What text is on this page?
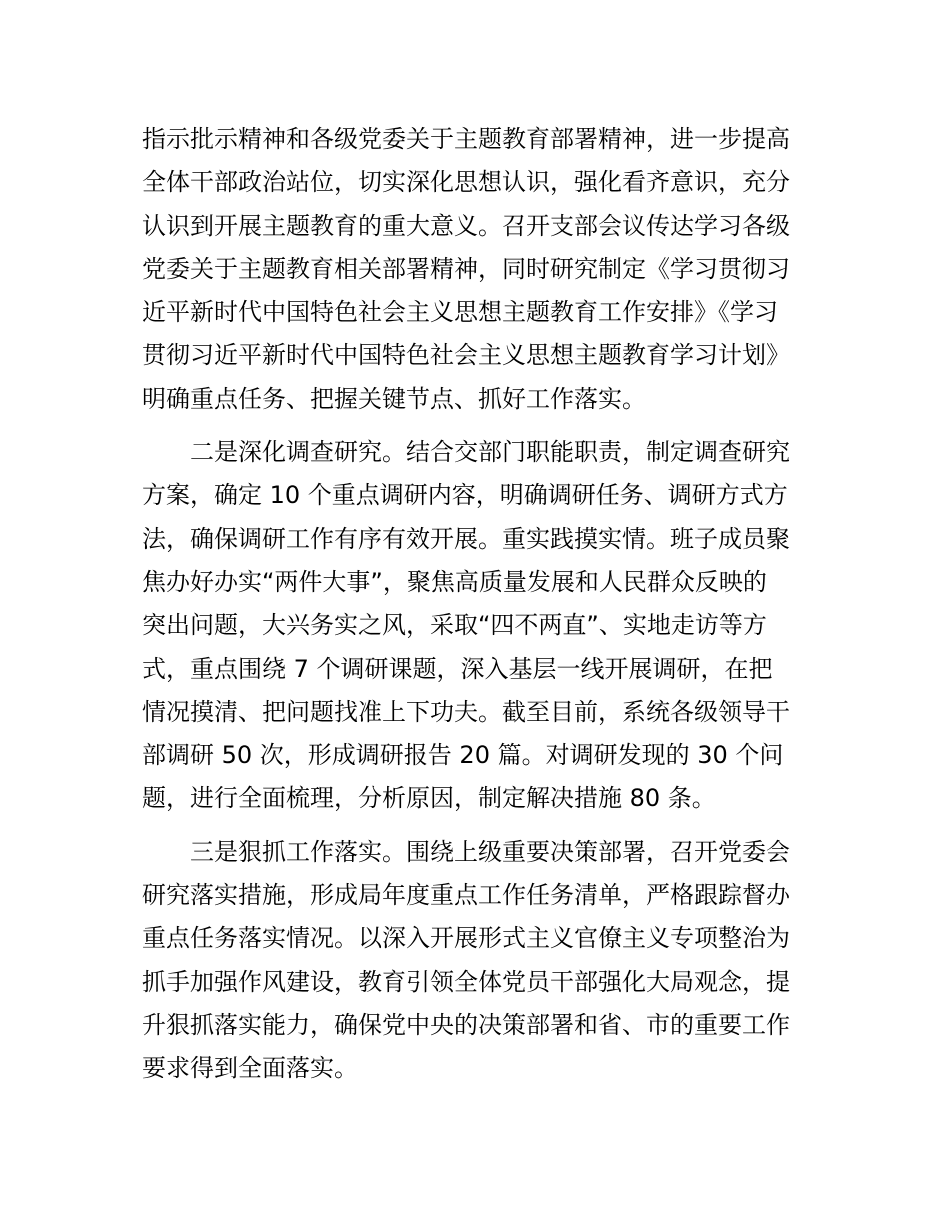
指示批示精神和各级党委关于主题教育部署精神，进一步提高
全体干部政治站位，切实深化思想认识，强化看齐意识，充分
认识到开展主题教育的重大意义。召开支部会议传达学习各级
党委关于主题教育相关部署精神，同时研究制定《学习贯彻习
近平新时代中国特色社会主义思想主题教育工作安排》《学习
贯彻习近平新时代中国特色社会主义思想主题教育学习计划》
明确重点任务、把握关键节点、抓好工作落实。

二是深化调查研究。结合交部门职能职责，制定调查研究
方案，确定 10 个重点调研内容，明确调研任务、调研方式方
法，确保调研工作有序有效开展。重实践摸实情。班子成员聚
焦办好办实“两件大事”，聚焦高质量发展和人民群众反映的
突出问题，大兴务实之风，采取“四不两直”、实地走访等方
式，重点围绕 7 个调研课题，深入基层一线开展调研，在把
情况摸清、把问题找准上下功夫。截至目前，系统各级领导干
部调研 50 次，形成调研报告 20 篇。对调研发现的 30 个问
题，进行全面梳理，分析原因，制定解决措施 80 条。

三是狠抓工作落实。围绕上级重要决策部署，召开党委会
研究落实措施，形成局年度重点工作任务清单，严格跟踪督办
重点任务落实情况。以深入开展形式主义官僚主义专项整治为
抓手加强作风建设，教育引领全体党员干部强化大局观念，提
升狠抓落实能力，确保党中央的决策部署和省、市的重要工作
要求得到全面落实。
